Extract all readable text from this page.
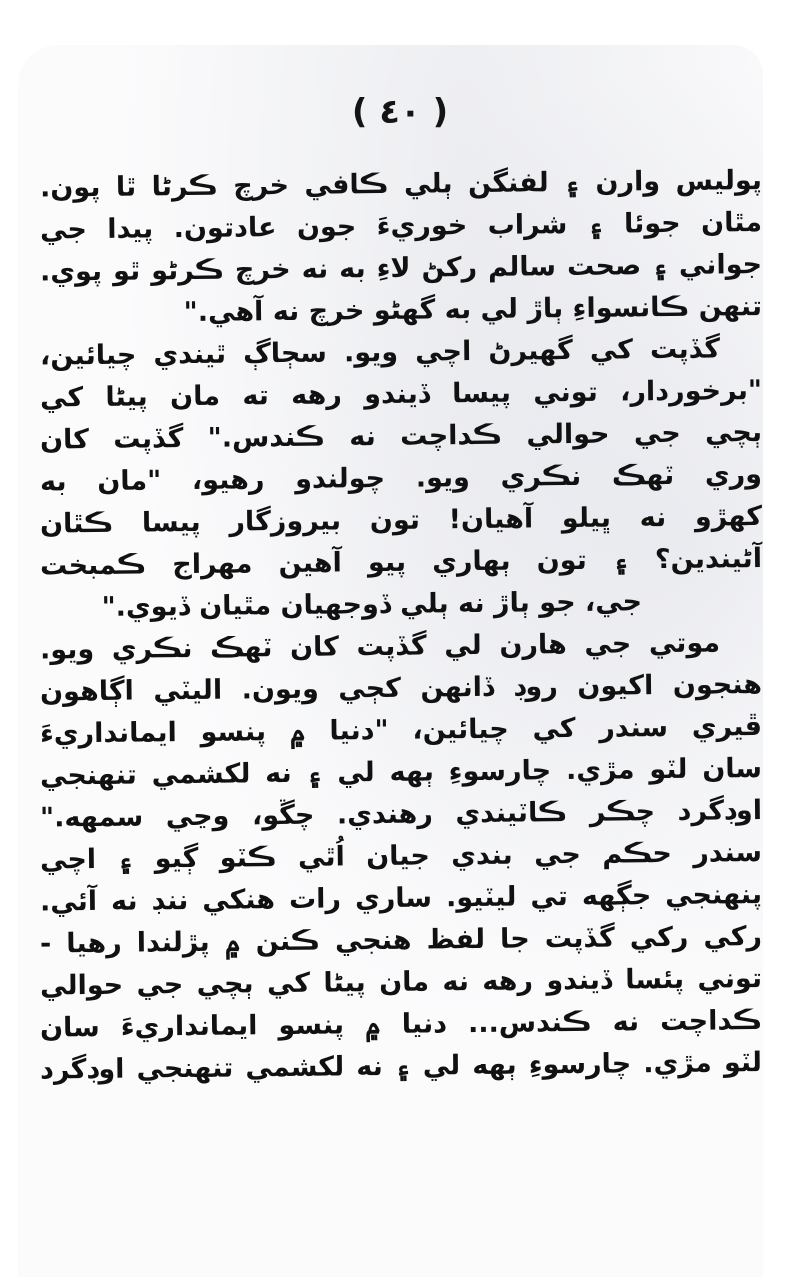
( ٤٠ )
پوليس وارن ۽ لفنگن ٻلي ڪافي خرچ ڪرڻا ٿا پون.
مٿان جوئا ۽ شراب خوريءَ جون عادتون. پيدا جي
جواني ۽ صحت سالم رکڻ لاءِ به نه خرچ ڪرڻو ٿو پوي.
تنهن ڪانسواءِ ٻاڙ لي به گهڻو خرچ نه آهي."
گڏپت کي گهيرڻ اچي ويو. سڄاڳ ٿيندي چيائين،
"برخوردار، توني پيسا ڏيندو رهه ته مان پيڻا کي
ٻچي جي حوالي ڪداچت نه ڪندس." گڏپت کان
وري ٽهڪ نڪري ويو. چولندو رهيو، "مان به
کهڙو نه ڀيلو آهيان! تون بيروزگار پيسا ڪٿان
آڻيندين؟ ۽ تون ٻهاري پيو آهين مهراج ڪمبخت
جي، جو ٻاڙ نه ٻلي ڏوجهيان مٿيان ڏيوي."
موتي جي هارن لي گڏپت کان ٽهڪ نڪري ويو.
هنجون اکيون روڊ ڏانهن کڄي ويون. اليٽي اڳاهون
ڦيري سندر کي چيائين، "دنيا ۾ پنسو ايمانداريءَ
سان لٽو مڙي. چارسوءِ ٻهه لي ۽ نه لکشمي تنهنجي
اوڊگرد چڪر ڪاٽيندي رهندي. چڱو، وڃي سمهه."
سندر حڪم جي بندي جيان اُٿي ڪٽو ڳيو ۽ اچي
پنهنجي جڳهه تي ليٽيو. ساري رات هنکي ننڊ نه آئي.
رکي رکي گڏپت جا لفظ هنجي ڪنن ۾ پڙلندا رهيا -
توني پئسا ڏيندو رهه نه مان پيڻا کي ٻچي جي حوالي
ڪداچت نه ڪندس... دنيا ۾ پنسو ايمانداريءَ سان
لٽو مڙي. چارسوءِ ٻهه لي ۽ نه لکشمي تنهنجي اوڊگرد
